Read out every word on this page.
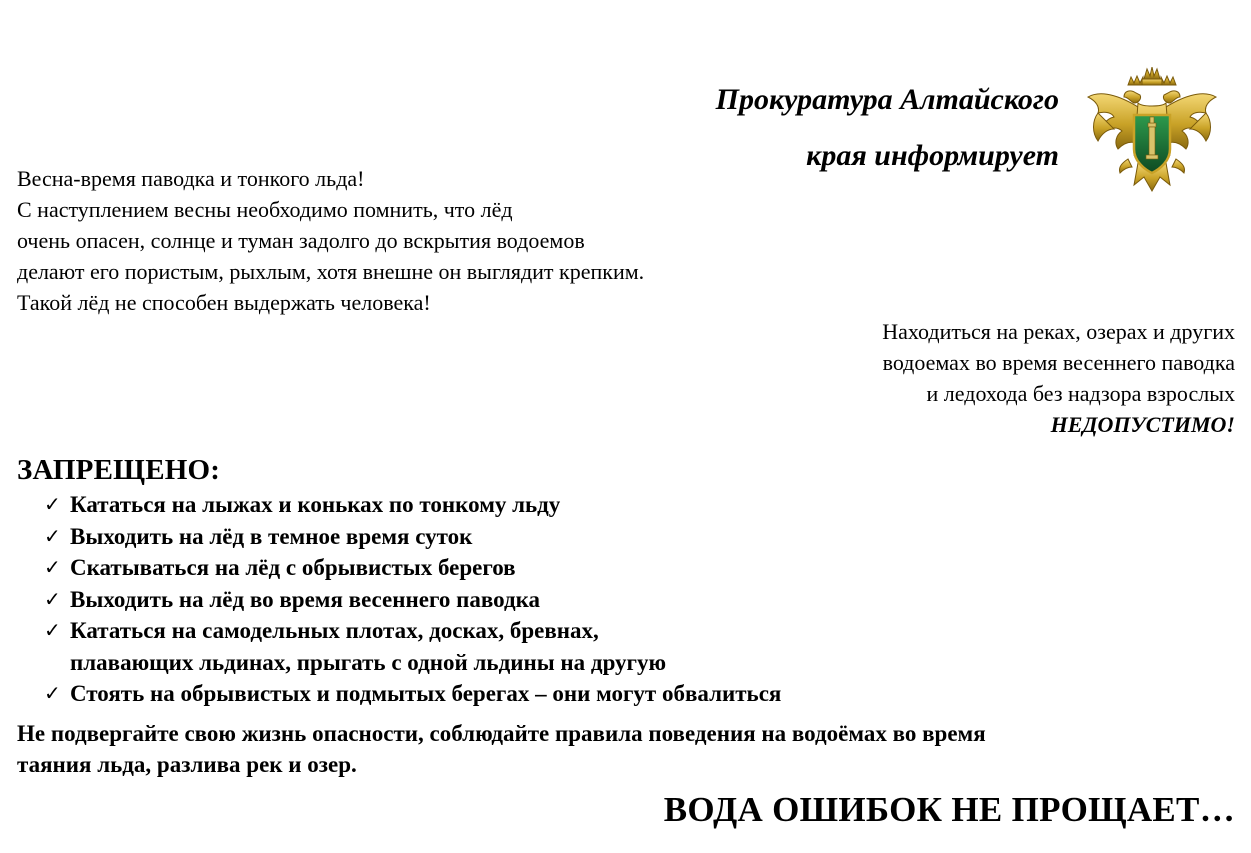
Прокуратура Алтайского
края информирует
Весна-время паводка и тонкого льда!
С наступлением весны необходимо помнить, что лёд
очень опасен, солнце и туман задолго до вскрытия водоемов
делают его пористым, рыхлым, хотя внешне он выглядит крепким.
Такой лёд не способен выдержать человека!
Находиться на реках, озерах и других
водоемах во время весеннего паводка
и ледохода без надзора взрослых
НЕДОПУСТИМО!
ЗАПРЕЩЕНО:
✓ Кататься на лыжах и коньках по тонкому льду
✓ Выходить на лёд в темное время суток
✓ Скатываться на лёд с обрывистых берегов
✓ Выходить на лёд во время весеннего паводка
✓ Кататься на самодельных плотах, досках, бревнах,
плавающих льдинах, прыгать с одной льдины на другую
✓ Стоять на обрывистых и подмытых берегах – они могут обвалиться
Не подвергайте свою жизнь опасности, соблюдайте правила поведения на водоёмах во время
таяния льда, разлива рек и озер.
ВОДА ОШИБОК НЕ ПРОЩАЕТ…
